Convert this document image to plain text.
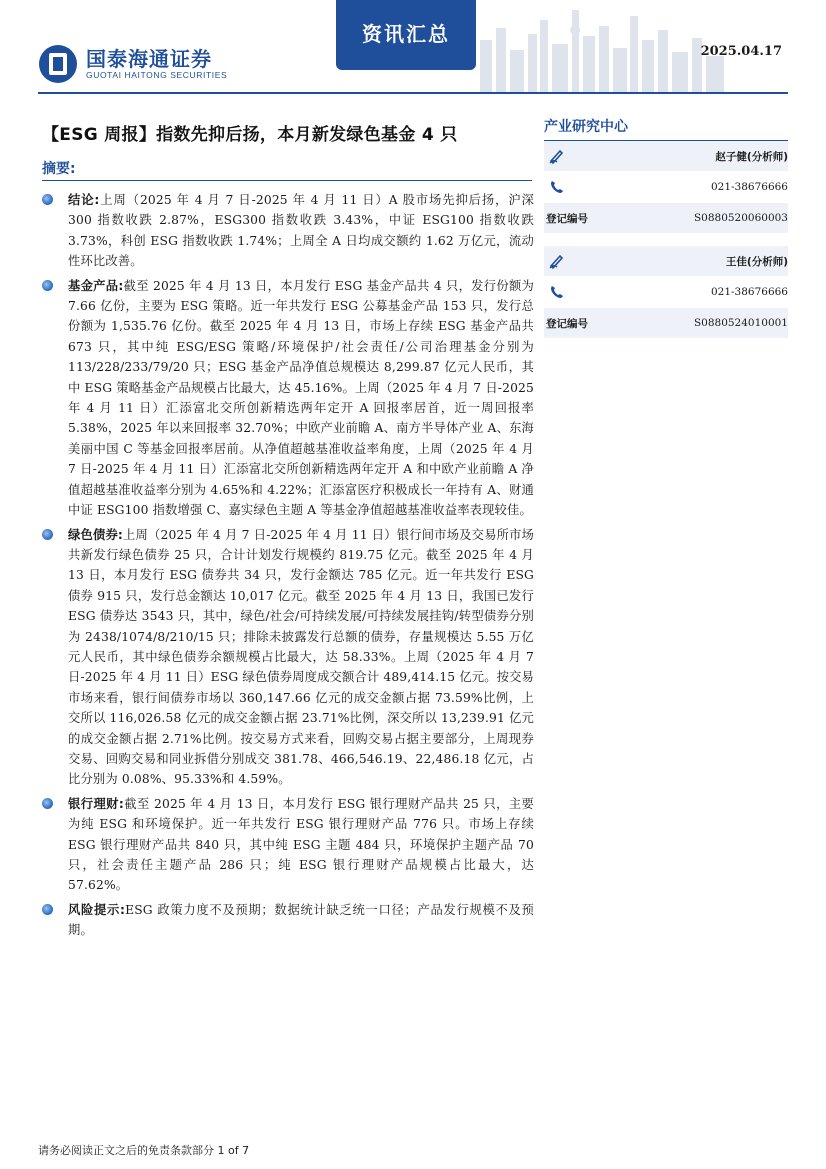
资讯汇总
国泰海通证券
GUOTAI HAITONG SECURITIES
2025.04.17
【ESG 周报】指数先抑后扬，本月新发绿色基金 4 只
摘要:
结论:上周（2025 年 4 月 7 日-2025 年 4 月 11 日）A 股市场先抑后扬，沪深 300 指数收跌 2.87%，ESG300 指数收跌 3.43%，中证 ESG100 指数收跌 3.73%，科创 ESG 指数收跌 1.74%；上周全 A 日均成交额约 1.62 万亿元，流动性环比改善。
基金产品:截至 2025 年 4 月 13 日，本月发行 ESG 基金产品共 4 只，发行份额为 7.66 亿份，主要为 ESG 策略。近一年共发行 ESG 公募基金产品 153 只，发行总份额为 1,535.76 亿份。截至 2025 年 4 月 13 日，市场上存续 ESG 基金产品共 673 只，其中纯 ESG/ESG 策略/环境保护/社会责任/公司治理基金分别为 113/228/233/79/20 只；ESG 基金产品净值总规模达 8,299.87 亿元人民币，其中 ESG 策略基金产品规模占比最大，达 45.16%。上周（2025 年 4 月 7 日-2025 年 4 月 11 日）汇添富北交所创新精选两年定开 A 回报率居首，近一周回报率 5.38%，2025 年以来回报率 32.70%；中欧产业前瞻 A、南方半导体产业 A、东海美丽中国 C 等基金回报率居前。从净值超越基准收益率角度，上周（2025 年 4 月 7 日-2025 年 4 月 11 日）汇添富北交所创新精选两年定开 A 和中欧产业前瞻 A 净值超越基准收益率分别为 4.65%和 4.22%；汇添富医疗积极成长一年持有 A、财通中证 ESG100 指数增强 C、嘉实绿色主题 A 等基金净值超越基准收益率表现较佳。
绿色债券:上周（2025 年 4 月 7 日-2025 年 4 月 11 日）银行间市场及交易所市场共新发行绿色债券 25 只，合计计划发行规模约 819.75 亿元。截至 2025 年 4 月 13 日，本月发行 ESG 债券共 34 只，发行金额达 785 亿元。近一年共发行 ESG 债券 915 只，发行总金额达 10,017 亿元。截至 2025 年 4 月 13 日，我国已发行 ESG 债券达 3543 只，其中，绿色/社会/可持续发展/可持续发展挂钩/转型债券分别为 2438/1074/8/210/15 只；排除未披露发行总额的债券，存量规模达 5.55 万亿元人民币，其中绿色债券余额规模占比最大，达 58.33%。上周（2025 年 4 月 7 日-2025 年 4 月 11 日）ESG 绿色债券周度成交额合计 489,414.15 亿元。按交易市场来看，银行间债券市场以 360,147.66 亿元的成交金额占据 73.59%比例，上交所以 116,026.58 亿元的成交金额占据 23.71%比例，深交所以 13,239.91 亿元的成交金额占据 2.71%比例。按交易方式来看，回购交易占据主要部分，上周现券交易、回购交易和同业拆借分别成交 381.78、466,546.19、22,486.18 亿元，占比分别为 0.08%、95.33%和 4.59%。
银行理财:截至 2025 年 4 月 13 日，本月发行 ESG 银行理财产品共 25 只，主要为纯 ESG 和环境保护。近一年共发行 ESG 银行理财产品 776 只。市场上存续 ESG 银行理财产品共 840 只，其中纯 ESG 主题 484 只，环境保护主题产品 70 只，社会责任主题产品 286 只；纯 ESG 银行理财产品规模占比最大，达 57.62%。
风险提示:ESG 政策力度不及预期；数据统计缺乏统一口径；产品发行规模不及预期。
产业研究中心
赵子健(分析师)
021-38676666
登记编号	S0880520060003
王佳(分析师)
021-38676666
登记编号	S0880524010001
请务必阅读正文之后的免责条款部分 1 of 7
